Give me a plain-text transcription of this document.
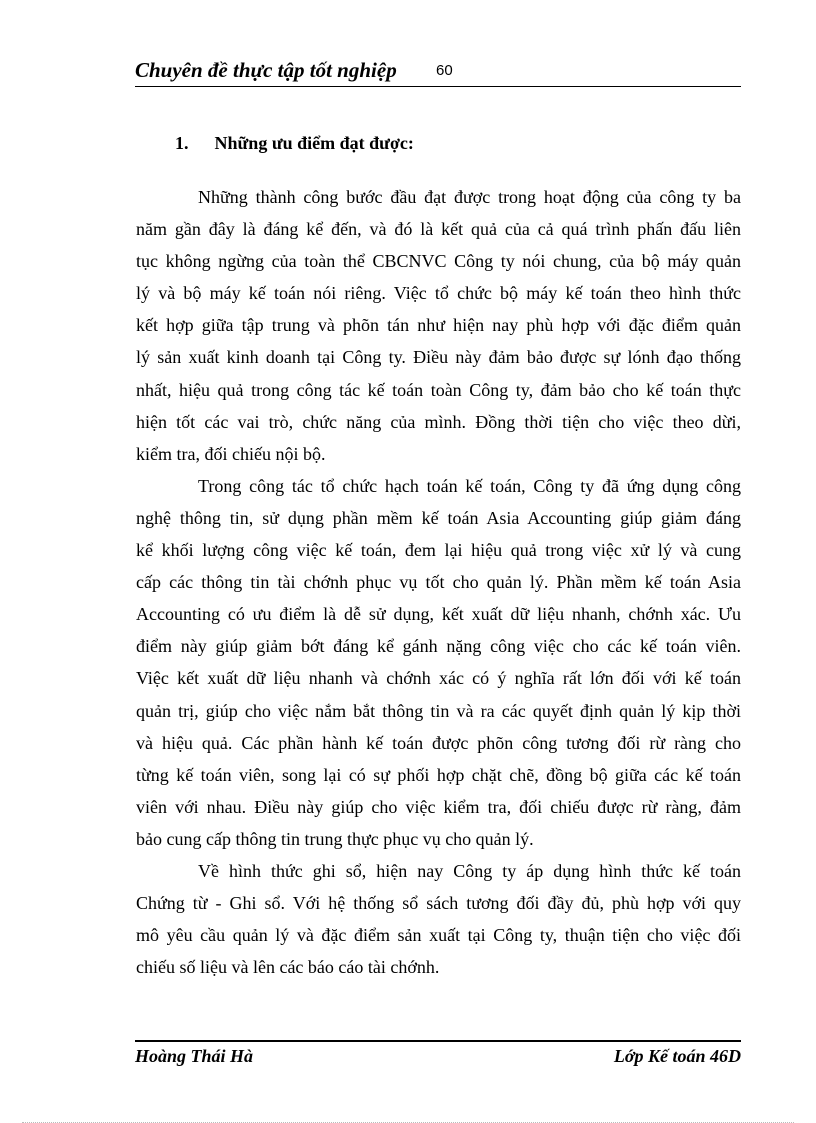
Chuyên đề thực tập tốt nghiệp	60
1. Những ưu điểm đạt được:
Những thành công bước đầu đạt được trong hoạt động của công ty ba
năm gần đây là đáng kể đến, và đó là kết quả của cả quá trình phấn đấu liên
tục không ngừng của toàn thể CBCNVC Công ty nói chung, của bộ máy quản
lý và bộ máy kế toán nói riêng. Việc tổ chức bộ máy kế toán theo hình thức
kết hợp giữa tập trung và phõn tán như hiện nay phù hợp với đặc điểm quản
lý sản xuất kinh doanh tại Công ty. Điều này đảm bảo được sự lónh đạo thống
nhất, hiệu quả trong công tác kế toán toàn Công ty, đảm bảo cho kế toán thực
hiện tốt các vai trò, chức năng của mình. Đồng thời tiện cho việc theo dừi,
kiểm tra, đối chiếu nội bộ.
Trong công tác tổ chức hạch toán kế toán, Công ty đã ứng dụng công
nghệ thông tin, sử dụng phần mềm kế toán Asia Accounting giúp giảm đáng
kể khối lượng công việc kế toán, đem lại hiệu quả trong việc xử lý và cung
cấp các thông tin tài chớnh phục vụ tốt cho quản lý. Phần mềm kế toán Asia
Accounting có ưu điểm là dễ sử dụng, kết xuất dữ liệu nhanh, chớnh xác. Ưu
điểm này giúp giảm bớt đáng kể gánh nặng công việc cho các kế toán viên.
Việc kết xuất dữ liệu nhanh và chớnh xác có ý nghĩa rất lớn đối với kế toán
quản trị, giúp cho việc nắm bắt thông tin và ra các quyết định quản lý kịp thời
và hiệu quả. Các phần hành kế toán được phõn công tương đối rừ ràng cho
từng kế toán viên, song lại có sự phối hợp chặt chẽ, đồng bộ giữa các kế toán
viên với nhau. Điều này giúp cho việc kiểm tra, đối chiếu được rừ ràng, đảm
bảo cung cấp thông tin trung thực phục vụ cho quản lý.
Về hình thức ghi sổ, hiện nay Công ty áp dụng hình thức kế toán
Chứng từ - Ghi sổ. Với hệ thống sổ sách tương đối đầy đủ, phù hợp với quy
mô yêu cầu quản lý và đặc điểm sản xuất tại Công ty, thuận tiện cho việc đối
chiếu số liệu và lên các báo cáo tài chớnh.
Hoàng Thái Hà	Lớp Kế toán 46D
